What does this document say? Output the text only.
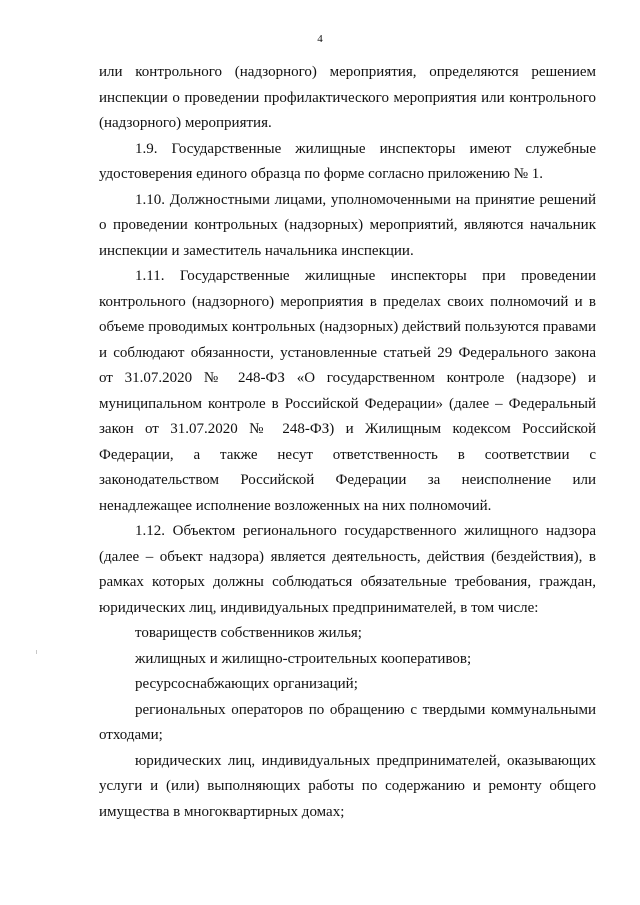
4

или контрольного (надзорного) мероприятия, определяются решением инспекции о проведении профилактического мероприятия или контрольного (надзорного) мероприятия.

1.9. Государственные жилищные инспекторы имеют служебные удостоверения единого образца по форме согласно приложению № 1.

1.10. Должностными лицами, уполномоченными на принятие решений о проведении контрольных (надзорных) мероприятий, являются начальник инспекции и заместитель начальника инспекции.

1.11. Государственные жилищные инспекторы при проведении контрольного (надзорного) мероприятия в пределах своих полномочий и в объеме проводимых контрольных (надзорных) действий пользуются правами и соблюдают обязанности, установленные статьей 29 Федерального закона от 31.07.2020 № 248-ФЗ «О государственном контроле (надзоре) и муниципальном контроле в Российской Федерации» (далее – Федеральный закон от 31.07.2020 № 248-ФЗ) и Жилищным кодексом Российской Федерации, а также несут ответственность в соответствии с законодательством Российской Федерации за неисполнение или ненадлежащее исполнение возложенных на них полномочий.

1.12. Объектом регионального государственного жилищного надзора (далее – объект надзора) является деятельность, действия (бездействия), в рамках которых должны соблюдаться обязательные требования, граждан, юридических лиц, индивидуальных предпринимателей, в том числе:

товариществ собственников жилья;

жилищных и жилищно-строительных кооперативов;

ресурсоснабжающих организаций;

региональных операторов по обращению с твердыми коммунальными отходами;

юридических лиц, индивидуальных предпринимателей, оказывающих услуги и (или) выполняющих работы по содержанию и ремонту общего имущества в многоквартирных домах;
